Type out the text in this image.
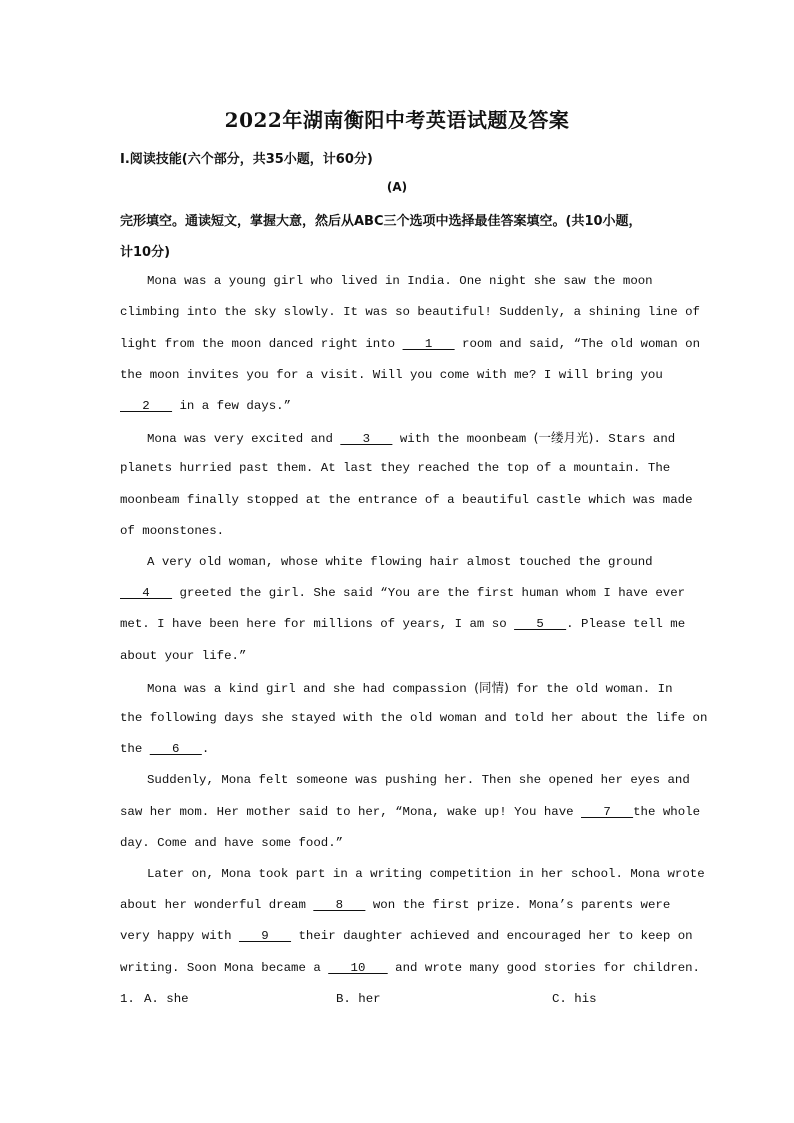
2022年湖南衡阳中考英语试题及答案
I.阅读技能(六个部分，共35小题，计60分)
(A)
完形填空。通读短文，掌握大意，然后从ABC三个选项中选择最佳答案填空。(共10小题，
计10分)
Mona was a young girl who lived in India. One night she saw the moon
climbing into the sky slowly. It was so beautiful! Suddenly, a shining line of
light from the moon danced right into    1    room and said, “The old woman on
the moon invites you for a visit. Will you come with me? I will bring you
2    in a few days.”
Mona was very excited and    3    with the moonbeam (一缕月光). Stars and
planets hurried past them. At last they reached the top of a mountain. The
moonbeam finally stopped at the entrance of a beautiful castle which was made
of moonstones.
A very old woman, whose white flowing hair almost touched the ground
4    greeted the girl. She said “You are the first human whom I have ever
met. I have been here for millions of years, I am so    5   . Please tell me
about your life.”
Mona was a kind girl and she had compassion (同情) for the old woman. In
the following days she stayed with the old woman and told her about the life on
the    6   .
Suddenly, Mona felt someone was pushing her. Then she opened her eyes and
saw her mom. Her mother said to her, “Mona, wake up! You have    7   the whole
day. Come and have some food.”
Later on, Mona took part in a writing competition in her school. Mona wrote
about her wonderful dream    8    won the first prize. Mona’s parents were
very happy with    9    their daughter achieved and encouraged her to keep on
writing. Soon Mona became a    10    and wrote many good stories for children.
1. A. she	B. her	C. his
